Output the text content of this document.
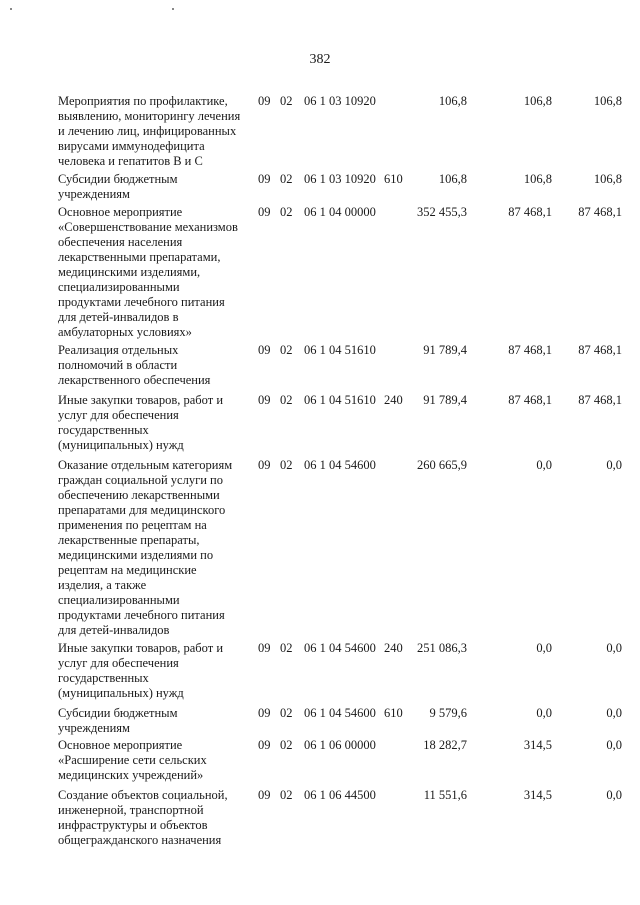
382
Мероприятия по профилактике,
выявлению, мониторингу лечения
и лечению лиц, инфицированных
вирусами иммунодефицита
человека и гепатитов В и С
09 02 06 1 03 10920	106,8	106,8	106,8
Субсидии бюджетным
учреждениям
09 02 06 1 03 10920 610	106,8	106,8	106,8
Основное мероприятие
«Совершенствование механизмов
обеспечения населения
лекарственными препаратами,
медицинскими изделиями,
специализированными
продуктами лечебного питания
для детей-инвалидов в
амбулаторных условиях»
09 02 06 1 04 00000	352 455,3	87 468,1	87 468,1
Реализация отдельных
полномочий в области
лекарственного обеспечения
09 02 06 1 04 51610	91 789,4	87 468,1	87 468,1
Иные закупки товаров, работ и
услуг для обеспечения
государственных
(муниципальных) нужд
09 02 06 1 04 51610 240	91 789,4	87 468,1	87 468,1
Оказание отдельным категориям
граждан социальной услуги по
обеспечению лекарственными
препаратами для медицинского
применения по рецептам на
лекарственные препараты,
медицинскими изделиями по
рецептам на медицинские
изделия, а также
специализированными
продуктами лечебного питания
для детей-инвалидов
09 02 06 1 04 54600	260 665,9	0,0	0,0
Иные закупки товаров, работ и
услуг для обеспечения
государственных
(муниципальных) нужд
09 02 06 1 04 54600 240	251 086,3	0,0	0,0
Субсидии бюджетным
учреждениям
09 02 06 1 04 54600 610	9 579,6	0,0	0,0
Основное мероприятие
«Расширение сети сельских
медицинских учреждений»
09 02 06 1 06 00000	18 282,7	314,5	0,0
Создание объектов социальной,
инженерной, транспортной
инфраструктуры и объектов
общегражданского назначения
09 02 06 1 06 44500	11 551,6	314,5	0,0
